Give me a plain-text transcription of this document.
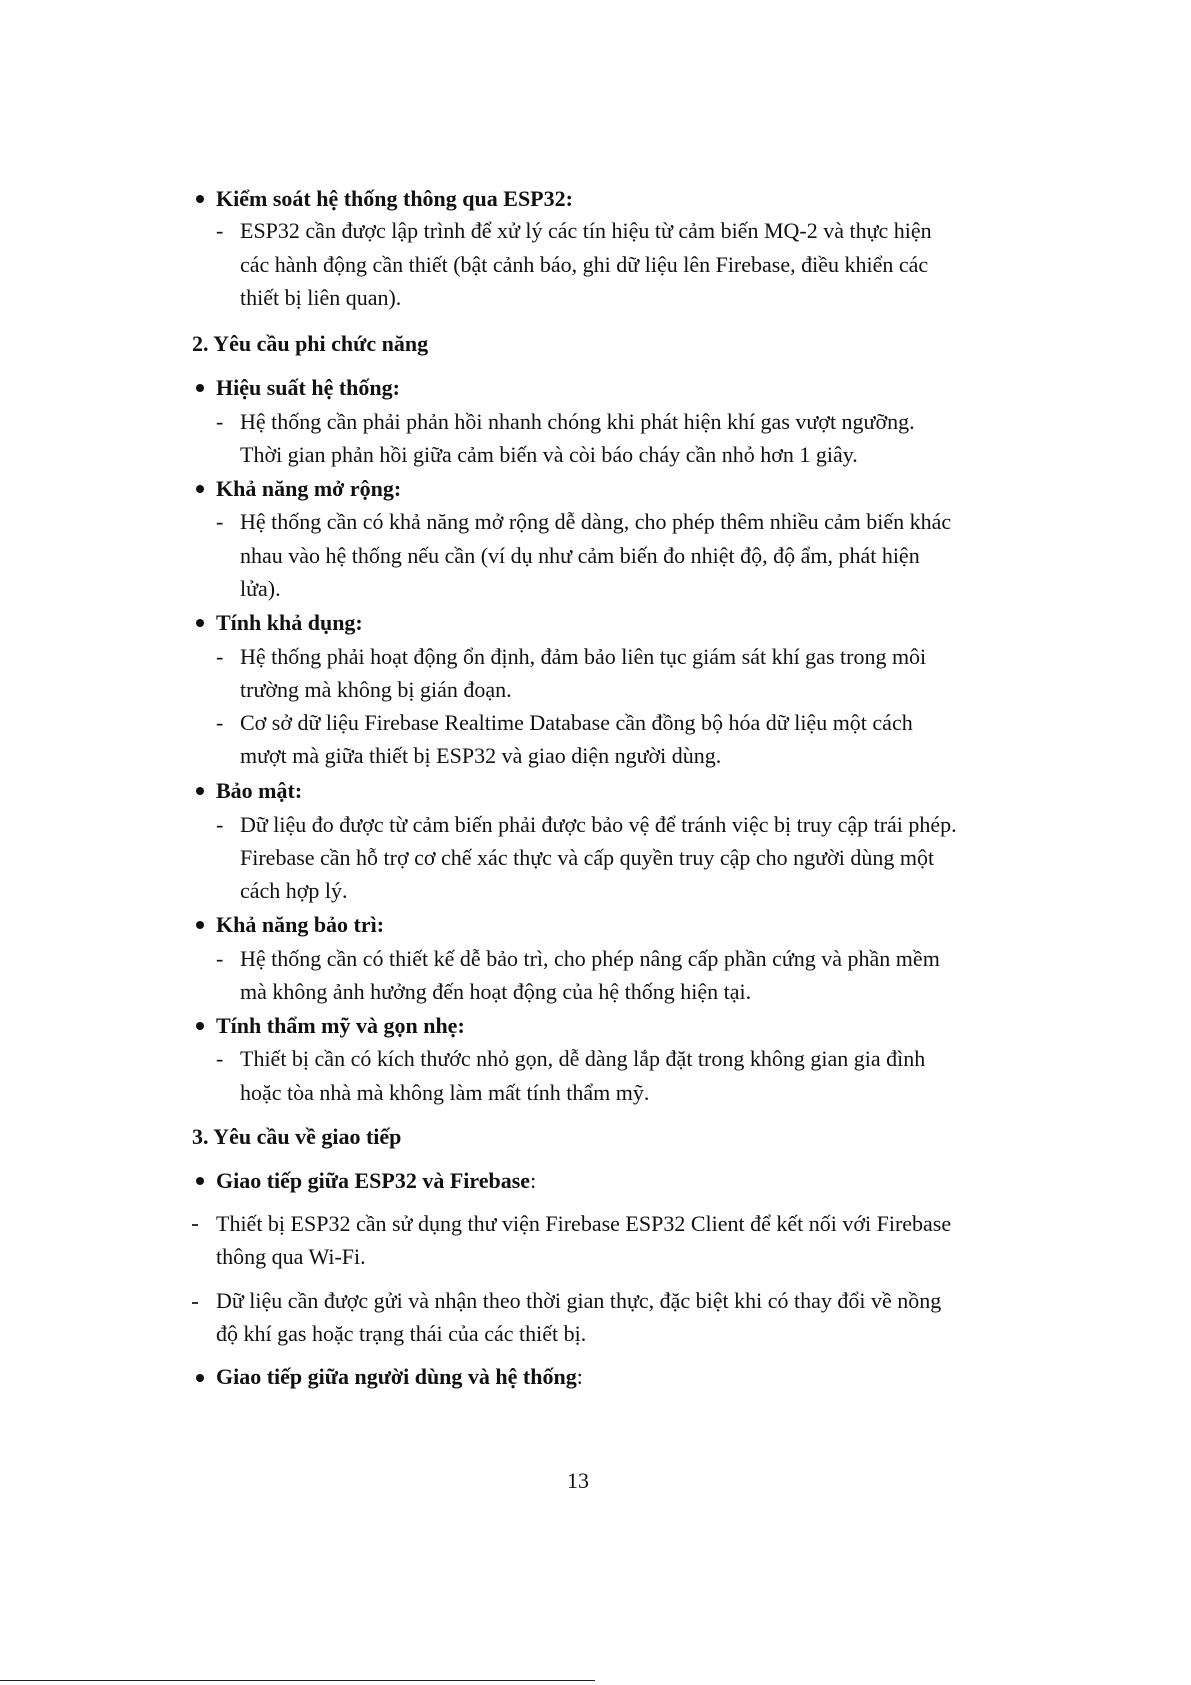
Kiểm soát hệ thống thông qua ESP32:
- ESP32 cần được lập trình để xử lý các tín hiệu từ cảm biến MQ-2 và thực hiện
các hành động cần thiết (bật cảnh báo, ghi dữ liệu lên Firebase, điều khiển các
thiết bị liên quan).
2. Yêu cầu phi chức năng
Hiệu suất hệ thống:
- Hệ thống cần phải phản hồi nhanh chóng khi phát hiện khí gas vượt ngưỡng.
Thời gian phản hồi giữa cảm biến và còi báo cháy cần nhỏ hơn 1 giây.
Khả năng mở rộng:
- Hệ thống cần có khả năng mở rộng dễ dàng, cho phép thêm nhiều cảm biến khác
nhau vào hệ thống nếu cần (ví dụ như cảm biến đo nhiệt độ, độ ẩm, phát hiện
lửa).
Tính khả dụng:
- Hệ thống phải hoạt động ổn định, đảm bảo liên tục giám sát khí gas trong môi
trường mà không bị gián đoạn.
- Cơ sở dữ liệu Firebase Realtime Database cần đồng bộ hóa dữ liệu một cách
mượt mà giữa thiết bị ESP32 và giao diện người dùng.
Bảo mật:
- Dữ liệu đo được từ cảm biến phải được bảo vệ để tránh việc bị truy cập trái phép.
Firebase cần hỗ trợ cơ chế xác thực và cấp quyền truy cập cho người dùng một
cách hợp lý.
Khả năng bảo trì:
- Hệ thống cần có thiết kế dễ bảo trì, cho phép nâng cấp phần cứng và phần mềm
mà không ảnh hưởng đến hoạt động của hệ thống hiện tại.
Tính thẩm mỹ và gọn nhẹ:
- Thiết bị cần có kích thước nhỏ gọn, dễ dàng lắp đặt trong không gian gia đình
hoặc tòa nhà mà không làm mất tính thẩm mỹ.
3. Yêu cầu về giao tiếp
Giao tiếp giữa ESP32 và Firebase:
Thiết bị ESP32 cần sử dụng thư viện Firebase ESP32 Client để kết nối với Firebase
thông qua Wi-Fi.
Dữ liệu cần được gửi và nhận theo thời gian thực, đặc biệt khi có thay đổi về nồng
độ khí gas hoặc trạng thái của các thiết bị.
Giao tiếp giữa người dùng và hệ thống:
13
